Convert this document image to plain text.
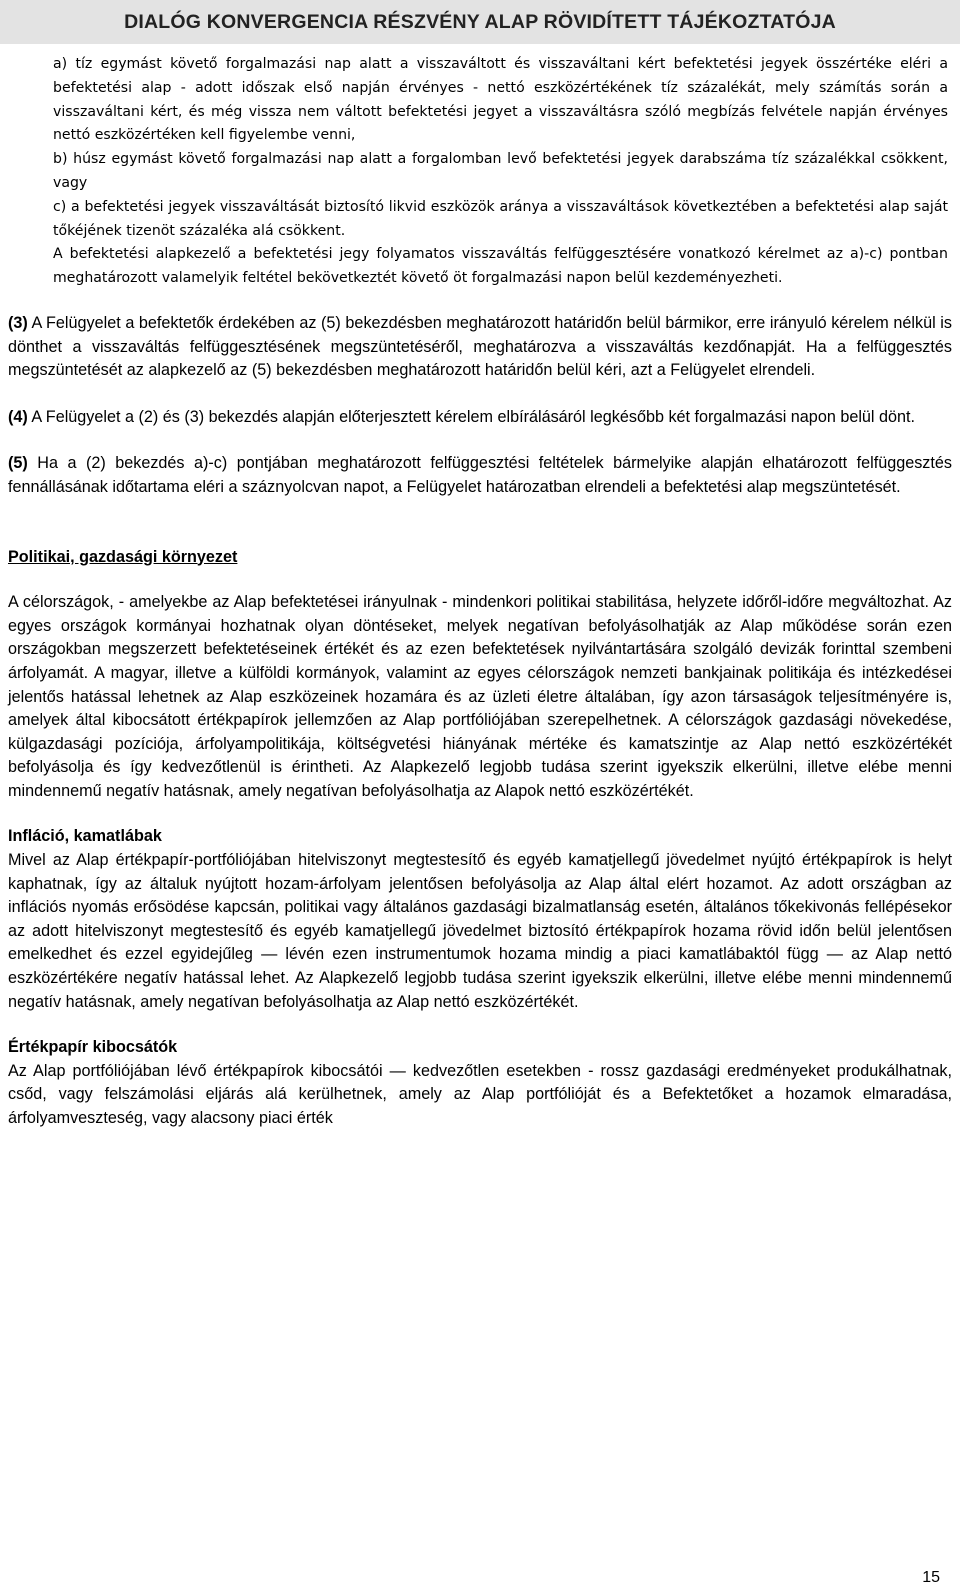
DIALÓG KONVERGENCIA RÉSZVÉNY ALAP RÖVIDÍTETT TÁJÉKOZTATÓJA

a) tíz egymást követő forgalmazási nap alatt a visszaváltott és visszaváltani kért befektetési jegyek összértéke eléri a befektetési alap - adott időszak első napján érvényes - nettó eszközértékének tíz százalékát, mely számítás során a visszaváltani kért, és még vissza nem váltott befektetési jegyet a visszaváltásra szóló megbízás felvétele napján érvényes nettó eszközértéken kell figyelembe venni,

b) húsz egymást követő forgalmazási nap alatt a forgalomban levő befektetési jegyek darabszáma tíz százalékkal csökkent, vagy

c) a befektetési jegyek visszaváltását biztosító likvid eszközök aránya a visszaváltások következtében a befektetési alap saját tőkéjének tizenöt százaléka alá csökkent.

A befektetési alapkezelő a befektetési jegy folyamatos visszaváltás felfüggesztésére vonatkozó kérelmet az a)-c) pontban meghatározott valamelyik feltétel bekövetkeztét követő öt forgalmazási napon belül kezdeményezheti.

(3) A Felügyelet a befektetők érdekében az (5) bekezdésben meghatározott határidőn belül bármikor, erre irányuló kérelem nélkül is dönthet a visszaváltás felfüggesztésének megszüntetéséről, meghatározva a visszaváltás kezdőnapját. Ha a felfüggesztés megszüntetését az alapkezelő az (5) bekezdésben meghatározott határidőn belül kéri, azt a Felügyelet elrendeli.

(4) A Felügyelet a (2) és (3) bekezdés alapján előterjesztett kérelem elbírálásáról legkésőbb két forgalmazási napon belül dönt.

(5) Ha a (2) bekezdés a)-c) pontjában meghatározott felfüggesztési feltételek bármelyike alapján elhatározott felfüggesztés fennállásának időtartama eléri a száznyolcvan napot, a Felügyelet határozatban elrendeli a befektetési alap megszüntetését.

Politikai, gazdasági környezet

A célországok, - amelyekbe az Alap befektetései irányulnak - mindenkori politikai stabilitása, helyzete időről-időre megváltozhat. Az egyes országok kormányai hozhatnak olyan döntéseket, melyek negatívan befolyásolhatják az Alap működése során ezen országokban megszerzett befektetéseinek értékét és az ezen befektetések nyilvántartására szolgáló devizák forinttal szembeni árfolyamát. A magyar, illetve a külföldi kormányok, valamint az egyes célországok nemzeti bankjainak politikája és intézkedései jelentős hatással lehetnek az Alap eszközeinek hozamára és az üzleti életre általában, így azon társaságok teljesítményére is, amelyek által kibocsátott értékpapírok jellemzően az Alap portfóliójában szerepelhetnek. A célországok gazdasági növekedése, külgazdasági pozíciója, árfolyampolitikája, költségvetési hiányának mértéke és kamatszintje az Alap nettó eszközértékét befolyásolja és így kedvezőtlenül is érintheti. Az Alapkezelő legjobb tudása szerint igyekszik elkerülni, illetve elébe menni mindennemű negatív hatásnak, amely negatívan befolyásolhatja az Alapok nettó eszközértékét.

Infláció, kamatlábak

Mivel az Alap értékpapír-portfóliójában hitelviszonyt megtestesítő és egyéb kamatjellegű jövedelmet nyújtó értékpapírok is helyt kaphatnak, így az általuk nyújtott hozam-árfolyam jelentősen befolyásolja az Alap által elért hozamot. Az adott országban az inflációs nyomás erősödése kapcsán, politikai vagy általános gazdasági bizalmatlanság esetén, általános tőkekivonás fellépésekor az adott hitelviszonyt megtestesítő és egyéb kamatjellegű jövedelmet biztosító értékpapírok hozama rövid időn belül jelentősen emelkedhet és ezzel egyidejűleg — lévén ezen instrumentumok hozama mindig a piaci kamatlábaktól függ — az Alap nettó eszközértékére negatív hatással lehet. Az Alapkezelő legjobb tudása szerint igyekszik elkerülni, illetve elébe menni mindennemű negatív hatásnak, amely negatívan befolyásolhatja az Alap nettó eszközértékét.

Értékpapír kibocsátók

Az Alap portfóliójában lévő értékpapírok kibocsátói — kedvezőtlen esetekben - rossz gazdasági eredményeket produkálhatnak, csőd, vagy felszámolási eljárás alá kerülhetnek, amely az Alap portfólióját és a Befektetőket a hozamok elmaradása, árfolyamveszteség, vagy alacsony piaci érték

15
